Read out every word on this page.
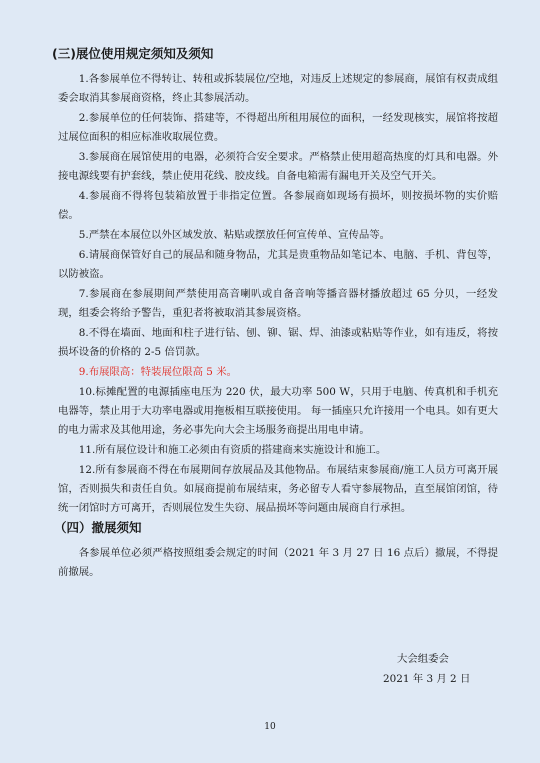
(三)展位使用规定须知及须知

1.各参展单位不得转让、转租或拆装展位/空地，对违反上述规定的参展商，展馆有权责成组委会取消其参展商资格，终止其参展活动。

2.参展单位的任何装饰、搭建等，不得超出所租用展位的面积，一经发现核实，展馆将按超过展位面积的相应标准收取展位费。

3.参展商在展馆使用的电器，必须符合安全要求。严格禁止使用超高热度的灯具和电器。外接电源线要有护套线，禁止使用花线、胶皮线。自备电箱需有漏电开关及空气开关。

4.参展商不得将包装箱放置于非指定位置。各参展商如现场有损坏，则按损坏物的实价赔偿。

5.严禁在本展位以外区域发放、粘贴或摆放任何宣传单、宣传品等。

6.请展商保管好自己的展品和随身物品，尤其是贵重物品如笔记本、电脑、手机、背包等，以防被盗。

7.参展商在参展期间严禁使用高音喇叭或自备音响等播音器材播放超过 65 分贝，一经发现，组委会将给予警告，重犯者将被取消其参展资格。

8.不得在墙面、地面和柱子进行钻、刨、铆、锯、焊、油漆或粘贴等作业，如有违反，将按损坏设备的价格的 2-5 倍罚款。

9.布展限高：特装展位限高 5 米。

10.标摊配置的电源插座电压为 220 伏，最大功率 500 W，只用于电脑、传真机和手机充电器等，禁止用于大功率电器或用拖板相互联接使用。 每一插座只允许接用一个电具。如有更大的电力需求及其他用途，务必事先向大会主场服务商提出用电申请。

11.所有展位设计和施工必须由有资质的搭建商来实施设计和施工。

12.所有参展商不得在布展期间存放展品及其他物品。布展结束参展商/施工人员方可离开展馆，否则损失和责任自负。如展商提前布展结束，务必留专人看守参展物品，直至展馆闭馆，待统一闭馆时方可离开，否则展位发生失窃、展品损坏等问题由展商自行承担。

（四）撤展须知

各参展单位必须严格按照组委会规定的时间（2021 年 3 月 27 日 16 点后）撤展，不得提前撤展。

大会组委会
2021 年 3 月 2 日
10
